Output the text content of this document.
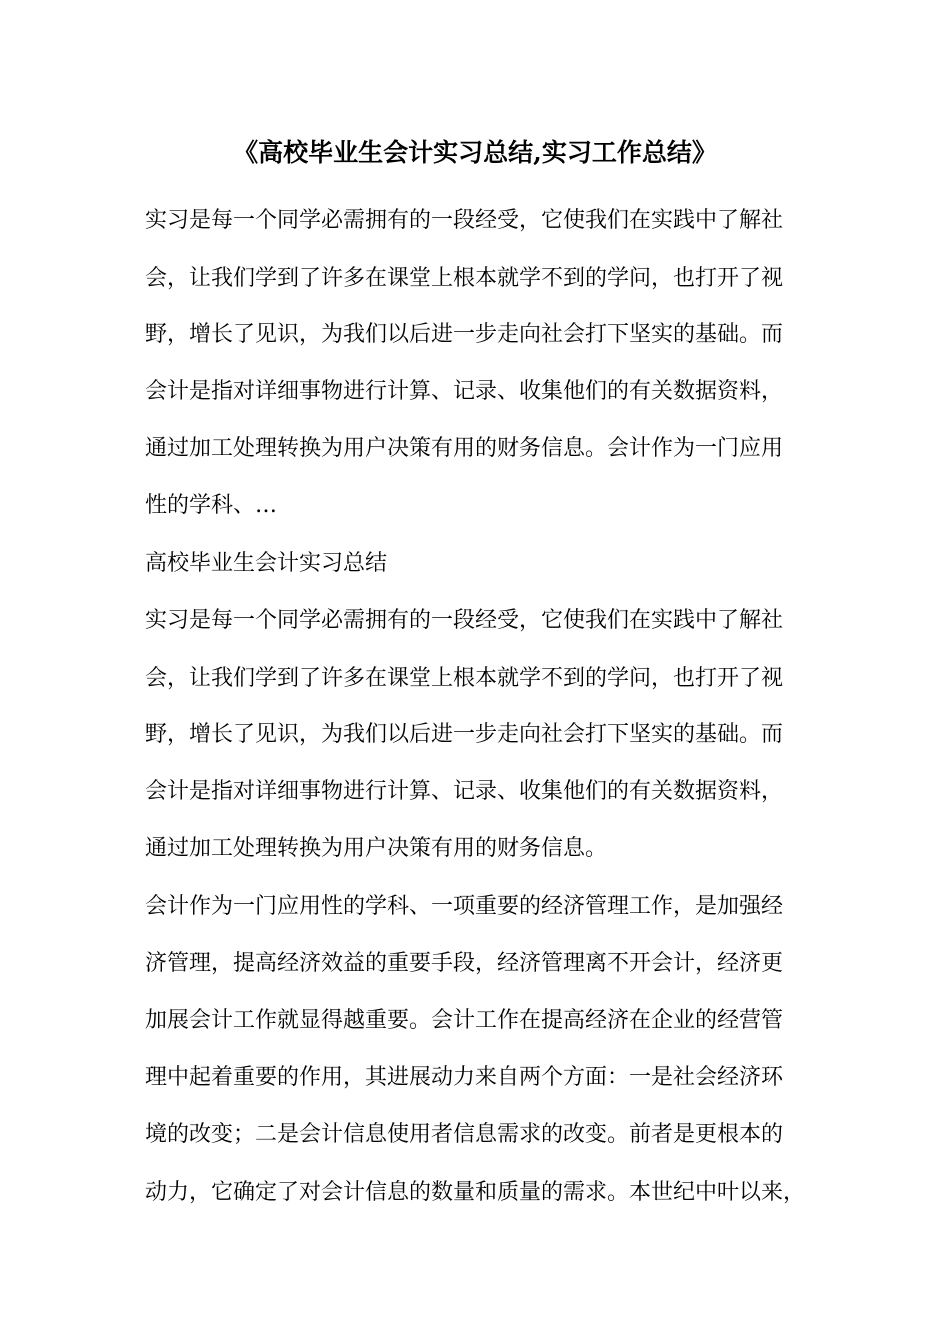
《高校毕业生会计实习总结,实习工作总结》
实习是每一个同学必需拥有的一段经受，它使我们在实践中了解社
会，让我们学到了许多在课堂上根本就学不到的学问，也打开了视
野，增长了见识，为我们以后进一步走向社会打下坚实的基础。而
会计是指对详细事物进行计算、记录、收集他们的有关数据资料，
通过加工处理转换为用户决策有用的财务信息。会计作为一门应用
性的学科、…
高校毕业生会计实习总结
实习是每一个同学必需拥有的一段经受，它使我们在实践中了解社
会，让我们学到了许多在课堂上根本就学不到的学问，也打开了视
野，增长了见识，为我们以后进一步走向社会打下坚实的基础。而
会计是指对详细事物进行计算、记录、收集他们的有关数据资料，
通过加工处理转换为用户决策有用的财务信息。
会计作为一门应用性的学科、一项重要的经济管理工作，是加强经
济管理，提高经济效益的重要手段，经济管理离不开会计，经济更
加展会计工作就显得越重要。会计工作在提高经济在企业的经营管
理中起着重要的作用，其进展动力来自两个方面：一是社会经济环
境的改变；二是会计信息使用者信息需求的改变。前者是更根本的
动力，它确定了对会计信息的数量和质量的需求。本世纪中叶以来，
